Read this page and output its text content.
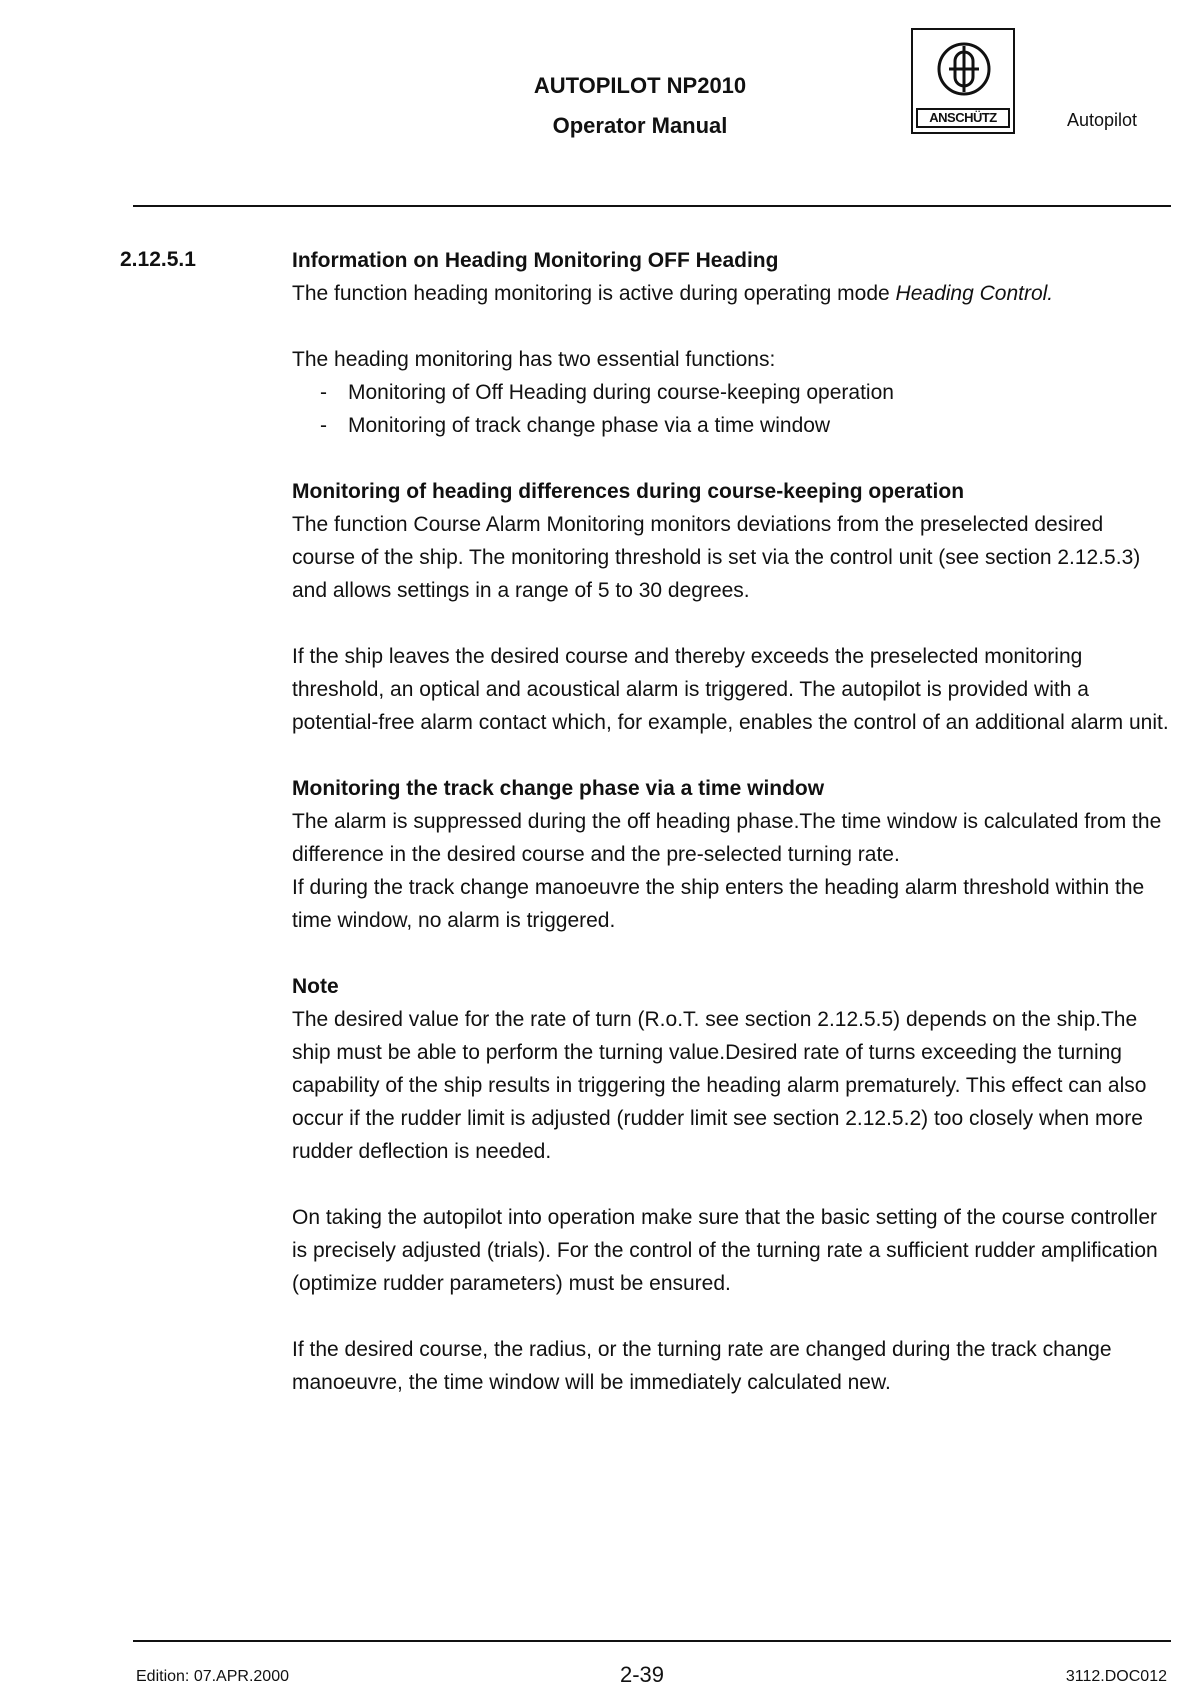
AUTOPILOT NP2010
Operator Manual	ANSCHÜTZ	Autopilot
2.12.5.1	Information on Heading Monitoring OFF Heading

The function heading monitoring is active during operating mode Heading Control.

The heading monitoring has two essential functions:

- Monitoring of Off Heading during course-keeping operation
- Monitoring of track change phase via a time window

Monitoring of heading differences during course-keeping operation

The function Course Alarm Monitoring monitors deviations from the preselected desired course of the ship. The monitoring threshold is set via the control unit (see section 2.12.5.3) and allows settings in a range of 5 to 30 degrees.

If the ship leaves the desired course and thereby exceeds the preselected monitoring threshold, an optical and acoustical alarm is triggered. The autopilot is provided with a potential-free alarm contact which, for example, enables the control of an additional alarm unit.

Monitoring the track change phase via a time window

The alarm is suppressed during the off heading phase.The time window is calculated from the difference in the desired course and the pre-selected turning rate.

If during the track change manoeuvre the ship enters the heading alarm threshold within the time window, no alarm is triggered.

Note

The desired value for the rate of turn (R.o.T. see section 2.12.5.5) depends on the ship.The ship must be able to perform the turning value.Desired rate of turns exceeding the turning capability of the ship results in triggering the heading alarm prematurely. This effect can also occur if the rudder limit is adjusted (rudder limit see section 2.12.5.2) too closely when more rudder deflection is needed.

On taking the autopilot into operation make sure that the basic setting of the course controller is precisely adjusted (trials). For the control of the turning rate a sufficient rudder amplification (optimize rudder parameters) must be ensured.

If the desired course, the radius, or the turning rate are changed during the track change manoeuvre, the time window will be immediately calculated new.

Edition: 07.APR.2000	2-39	3112.DOC012
